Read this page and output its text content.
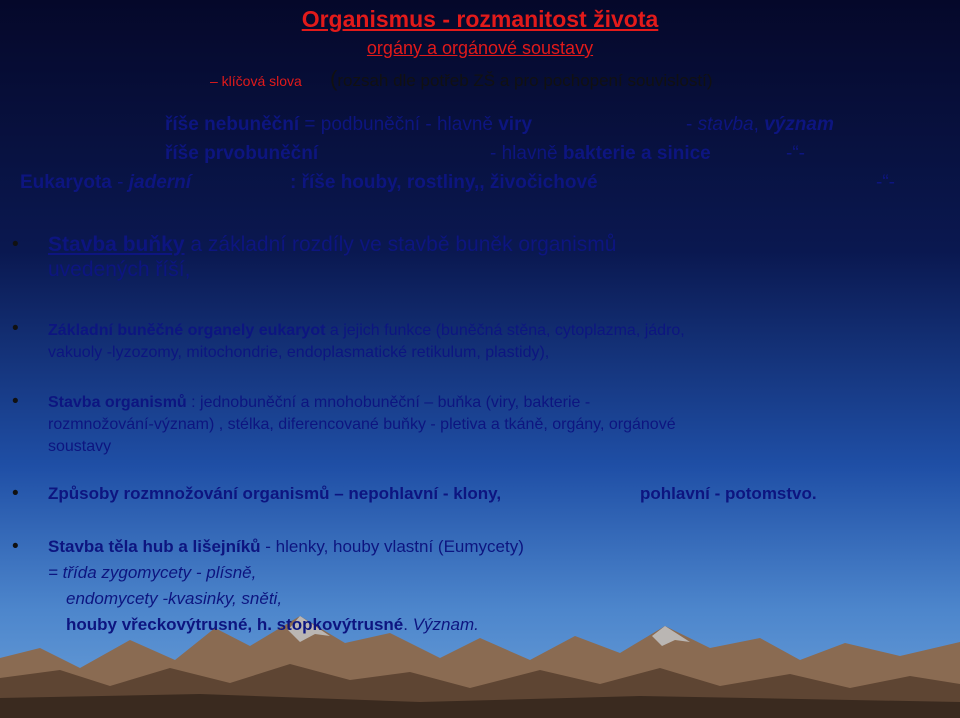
Organismus - rozmanitost života
orgány a orgánové soustavy
– klíčová slova (rozsah dle potřeb ZŠ a pro pochopení souvislostí)
říše nebuněční = podbuněční - hlavně viry	- stavba, význam
říše prvobuněční	- hlavně bakterie a sinice	-“-
Eukaryota - jaderní	: říše houby, rostliny,, živočichové	-“-
• Stavba buňky a základní rozdíly ve stavbě buněk organismů
uvedených říší,
• Základní buněčné organely eukaryot a jejich funkce (buněčná stěna, cytoplazma, jádro,
vakuoly -lyzozomy, mitochondrie, endoplasmatické retikulum, plastidy),
• Stavba organismů : jednobuněční a mnohobuněční – buňka (viry, bakterie -
rozmnožování-význam) , stélka, diferencované buňky - pletiva a tkáně, orgány, orgánové
soustavy
• Způsoby rozmnožování organismů – nepohlavní - klony,	pohlavní - potomstvo.
• Stavba těla hub a lišejníků - hlenky, houby vlastní (Eumycety)
= třída zygomycety - plísně,
endomycety -kvasinky, sněti,
houby vřeckovýtrusné, h. stopkovýtrusné. Význam.
